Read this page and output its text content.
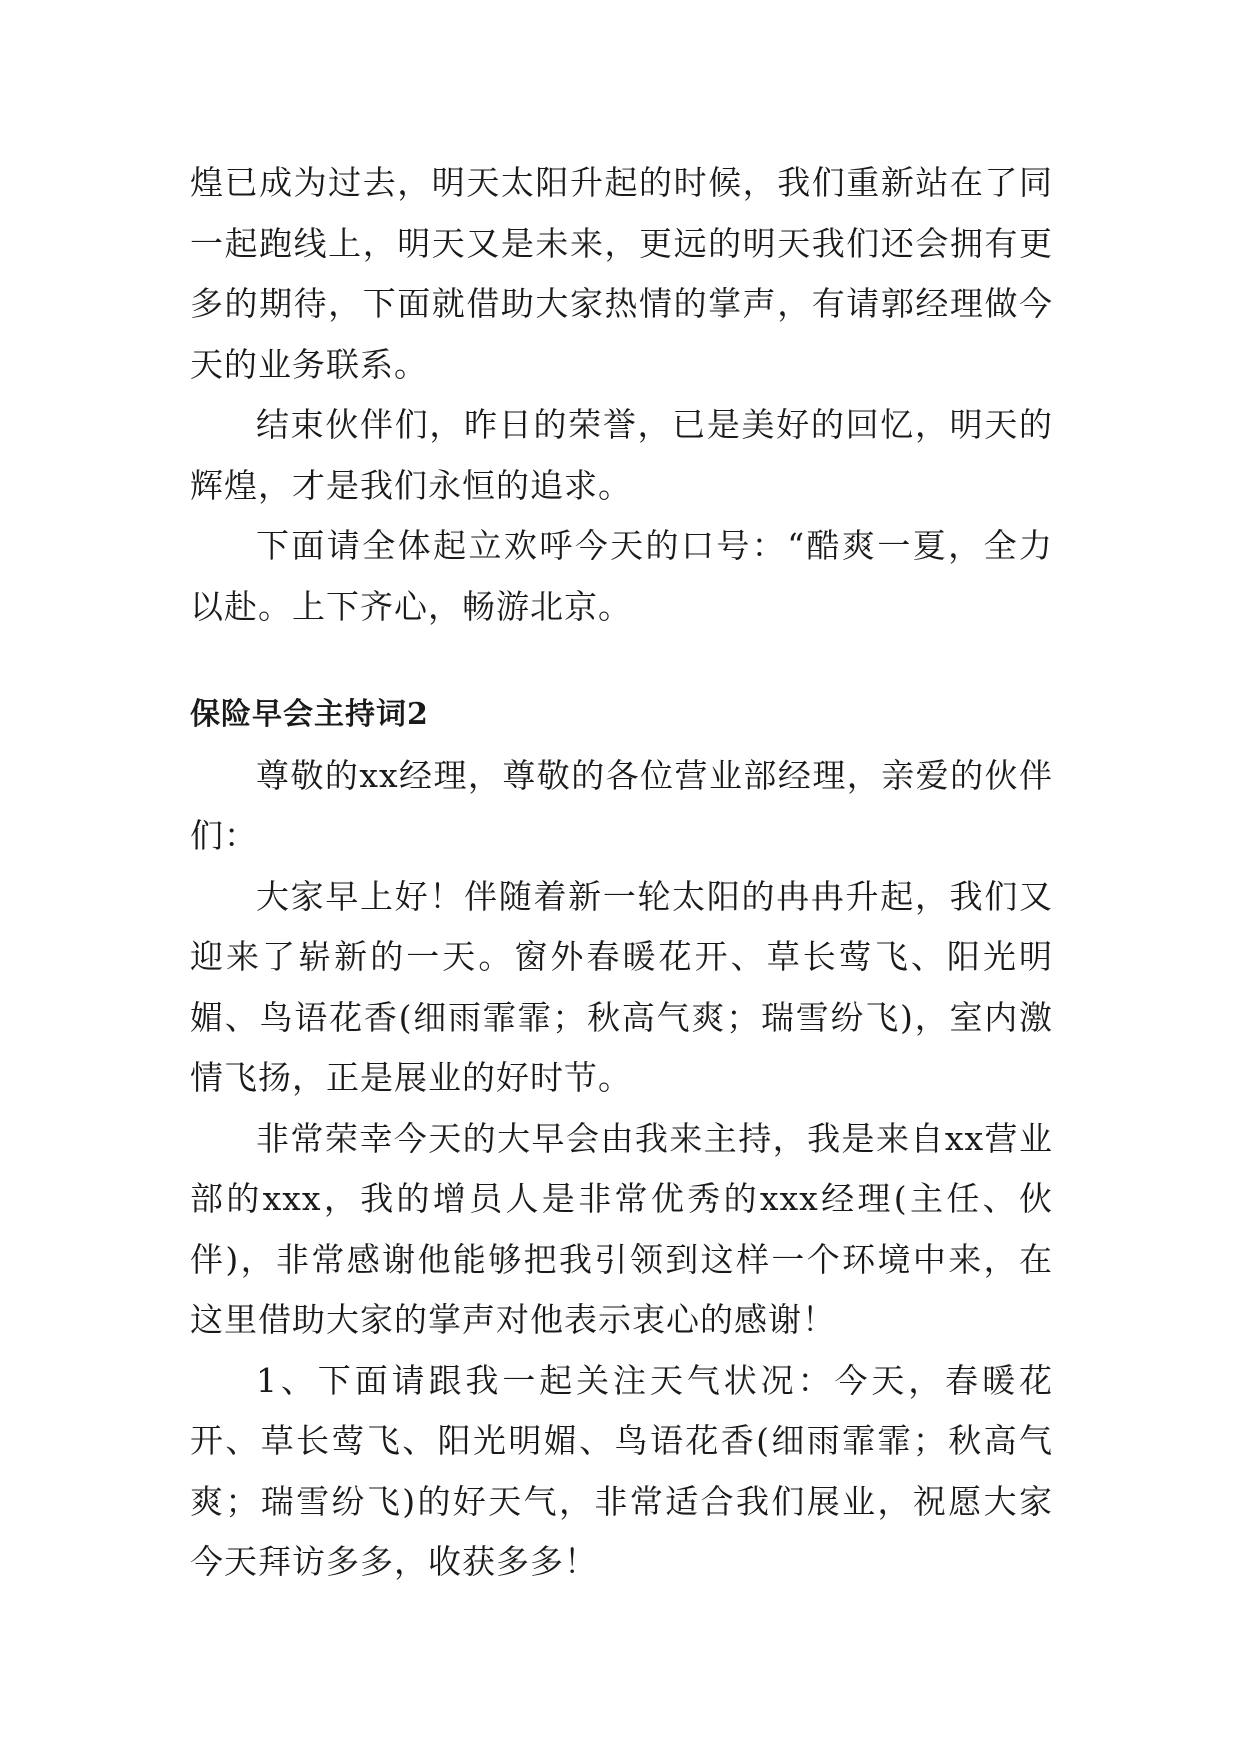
煌已成为过去，明天太阳升起的时候，我们重新站在了同一起跑线上，明天又是未来，更远的明天我们还会拥有更多的期待，下面就借助大家热情的掌声，有请郭经理做今天的业务联系。

结束伙伴们，昨日的荣誉，已是美好的回忆，明天的辉煌，才是我们永恒的追求。

下面请全体起立欢呼今天的口号：“酷爽一夏，全力以赴。上下齐心，畅游北京。

保险早会主持词2

尊敬的xx经理，尊敬的各位营业部经理，亲爱的伙伴们：

大家早上好！伴随着新一轮太阳的冉冉升起，我们又迎来了崭新的一天。窗外春暖花开、草长莺飞、阳光明媚、鸟语花香(细雨霏霏；秋高气爽；瑞雪纷飞)，室内激情飞扬，正是展业的好时节。

非常荣幸今天的大早会由我来主持，我是来自xx营业部的xxx，我的增员人是非常优秀的xxx经理(主任、伙伴)，非常感谢他能够把我引领到这样一个环境中来，在这里借助大家的掌声对他表示衷心的感谢！

1、下面请跟我一起关注天气状况：今天，春暖花开、草长莺飞、阳光明媚、鸟语花香(细雨霏霏；秋高气爽；瑞雪纷飞)的好天气，非常适合我们展业，祝愿大家今天拜访多多，收获多多！
